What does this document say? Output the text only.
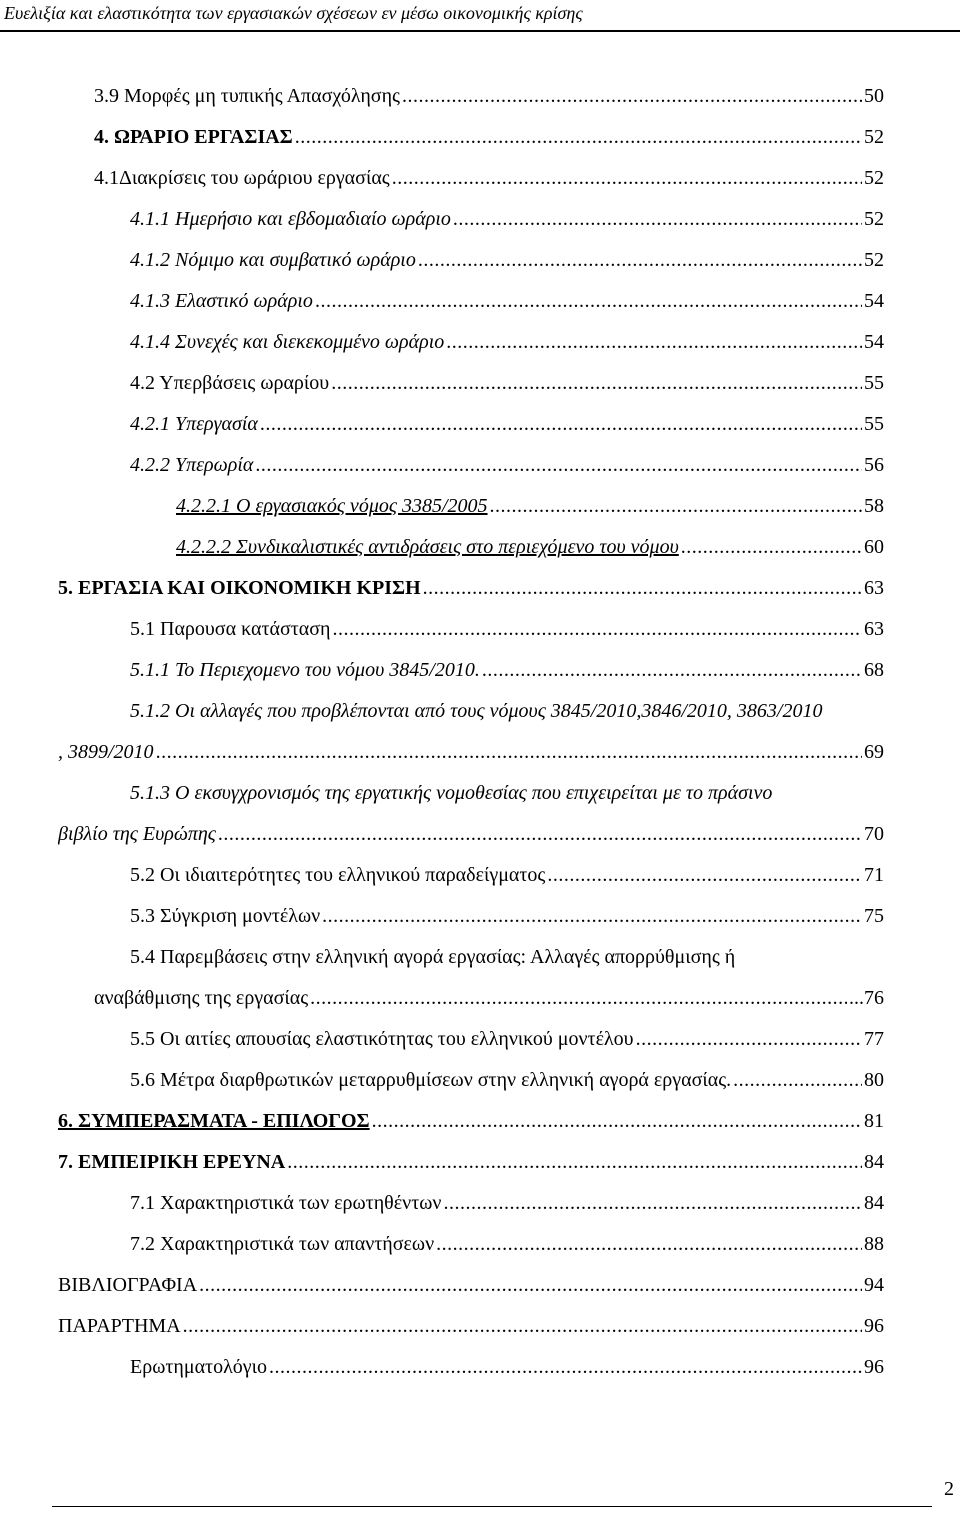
Ευελιξία και ελαστικότητα των εργασιακών σχέσεων εν μέσω οικονομικής κρίσης
3.9 Μορφές μη τυπικής Απασχόλησης .....	50
4. ΩΡΑΡΙΟ ΕΡΓΑΣΙΑΣ .....	52
4.1Διακρίσεις του ωράριου εργασίας .....	52
4.1.1 Ημερήσιο και εβδομαδιαίο ωράριο .....	52
4.1.2 Νόμιμο και συμβατικό ωράριο .....	52
4.1.3 Ελαστικό ωράριο .....	54
4.1.4 Συνεχές και διεκεκομμένο ωράριο .....	54
4.2 Υπερβάσεις ωραρίου .....	55
4.2.1 Υπεργασία .....	55
4.2.2 Υπερωρία .....	56
4.2.2.1 Ο εργασιακός νόμος 3385/2005 .....	58
4.2.2.2 Συνδικαλιστικές αντιδράσεις στο περιεχόμενο του νόμου .....	60
5. ΕΡΓΑΣΙΑ ΚΑΙ ΟΙΚΟΝΟΜΙΚΗ ΚΡΙΣΗ .....	63
5.1 Παρουσα κατάσταση .....	63
5.1.1 Το Περιεχομενο του νόμου 3845/2010. .....	68
5.1.2 Οι αλλαγές που προβλέπονται από τους νόμους 3845/2010,3846/2010, 3863/2010
, 3899/2010 .....	69
5.1.3 Ο εκσυγχρονισμός της εργατικής νομοθεσίας που επιχειρείται με το πράσινο
βιβλίο της Ευρώπης .....	70
5.2 Οι ιδιαιτερότητες του ελληνικού παραδείγματος .....	71
5.3 Σύγκριση μοντέλων .....	75
5.4 Παρεμβάσεις στην ελληνική αγορά εργασίας: Αλλαγές απορρύθμισης ή
αναβάθμισης της εργασίας .....	...76
5.5 Οι αιτίες απουσίας ελαστικότητας του ελληνικού μοντέλου .....	77
5.6 Μέτρα διαρθρωτικών μεταρρυθμίσεων στην ελληνική αγορά εργασίας. .....	80
6. ΣΥΜΠΕΡΑΣΜΑΤΑ - ΕΠΙΛΟΓΟΣ .....	81
7. ΕΜΠΕΙΡΙΚΗ ΕΡΕΥΝΑ .....	84
7.1 Χαρακτηριστικά των ερωτηθέντων .....	84
7.2 Χαρακτηριστικά των απαντήσεων .....	88
ΒΙΒΛΙΟΓΡΑΦΙΑ .....	94
ΠΑΡΑΡΤΗΜΑ .....	96
Ερωτηματολόγιο .....	96
2
